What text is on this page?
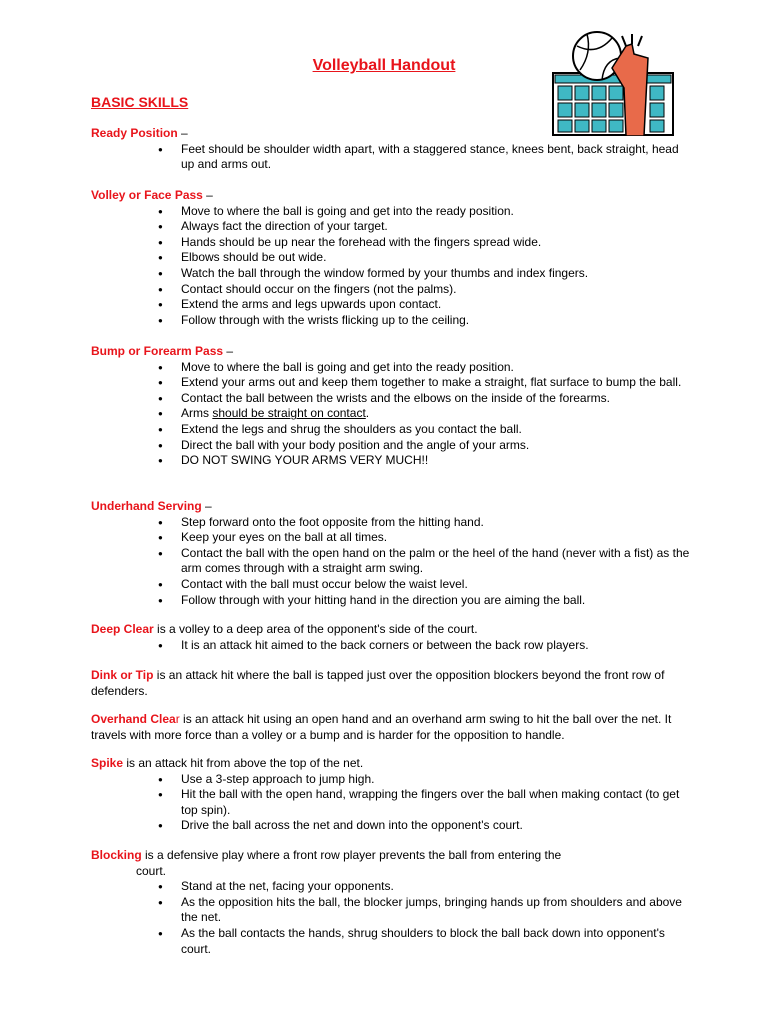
Volleyball Handout
BASIC SKILLS
Ready Position –
● Feet should be shoulder width apart, with a staggered stance, knees bent, back straight, head up and arms out.
Volley or Face Pass –
● Move to where the ball is going and get into the ready position.
● Always fact the direction of your target.
● Hands should be up near the forehead with the fingers spread wide.
● Elbows should be out wide.
● Watch the ball through the window formed by your thumbs and index fingers.
● Contact should occur on the fingers (not the palms).
● Extend the arms and legs upwards upon contact.
● Follow through with the wrists flicking up to the ceiling.
Bump or Forearm Pass –
● Move to where the ball is going and get into the ready position.
● Extend your arms out and keep them together to make a straight, flat surface to bump the ball.
● Contact the ball between the wrists and the elbows on the inside of the forearms.
● Arms should be straight on contact.
● Extend the legs and shrug the shoulders as you contact the ball.
● Direct the ball with your body position and the angle of your arms.
● DO NOT SWING YOUR ARMS VERY MUCH!!
Underhand Serving –
● Step forward onto the foot opposite from the hitting hand.
● Keep your eyes on the ball at all times.
● Contact the ball with the open hand on the palm or the heel of the hand (never with a fist) as the arm comes through with a straight arm swing.
● Contact with the ball must occur below the waist level.
● Follow through with your hitting hand in the direction you are aiming the ball.
Deep Clear is a volley to a deep area of the opponent's side of the court.
● It is an attack hit aimed to the back corners or between the back row players.
Dink or Tip is an attack hit where the ball is tapped just over the opposition blockers beyond the front row of defenders.
Overhand Clear is an attack hit using an open hand and an overhand arm swing to hit the ball over the net. It travels with more force than a volley or a bump and is harder for the opposition to handle.
Spike is an attack hit from above the top of the net.
● Use a 3-step approach to jump high.
● Hit the ball with the open hand, wrapping the fingers over the ball when making contact (to get top spin).
● Drive the ball across the net and down into the opponent's court.
Blocking is a defensive play where a front row player prevents the ball from entering the
court.
● Stand at the net, facing your opponents.
● As the opposition hits the ball, the blocker jumps, bringing hands up from shoulders and above the net.
● As the ball contacts the hands, shrug shoulders to block the ball back down into opponent's court.
